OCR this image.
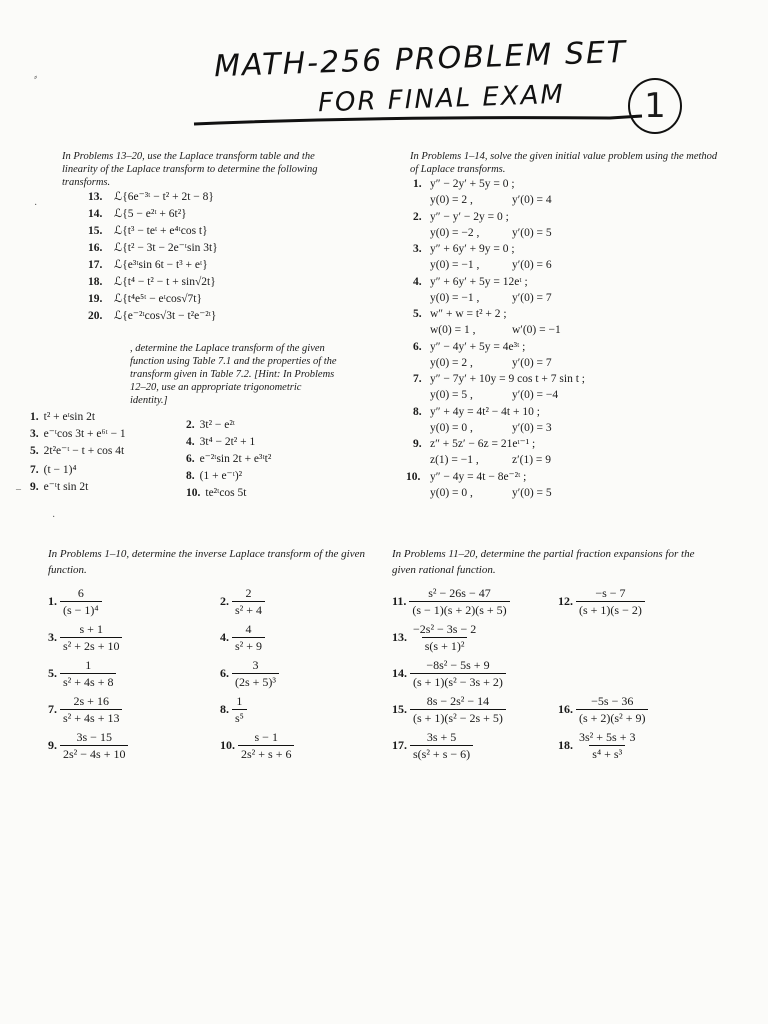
MATH-256 PROBLEM SET
FOR FINAL EXAM	1
In Problems 13–20, use the Laplace transform table and the linearity of the Laplace transform to determine the following transforms.
13. ℒ{6e⁻³ᵗ − t² + 2t − 8}
14. ℒ{5 − e²ᵗ + 6t²}
15. ℒ{t³ − teᵗ + e⁴ᵗcos t}
16. ℒ{t² − 3t − 2e⁻ᵗsin 3t}
17. ℒ{e³ᵗsin 6t − t³ + eᵗ}
18. ℒ{t⁴ − t² − t + sin√2t}
19. ℒ{t⁴e⁵ᵗ − eᵗcos√7t}
20. ℒ{e⁻²ᵗcos√3t − t²e⁻²ᵗ}
, determine the Laplace transform of the given function using Table 7.1 and the properties of the transform given in Table 7.2. [Hint: In Problems 12–20, use an appropriate trigonometric identity.]
1. t² + eᵗsin 2t
3. e⁻ᵗcos 3t + e⁶ᵗ − 1
5. 2t²e⁻ᵗ − t + cos 4t
7. (t − 1)⁴
9. e⁻ᵗt sin 2t
2. 3t² − e²ᵗ
4. 3t⁴ − 2t² + 1
6. e⁻²ᵗsin 2t + e³ᵗt²
8. (1 + e⁻ᵗ)²
10. te²ᵗcos 5t
In Problems 1–14, solve the given initial value problem using the method of Laplace transforms.
1. y″ − 2y′ + 5y = 0 ;
y(0) = 2 ,	y′(0) = 4
2. y″ − y′ − 2y = 0 ;
y(0) = −2 ,	y′(0) = 5
3. y″ + 6y′ + 9y = 0 ;
y(0) = −1 ,	y′(0) = 6
4. y″ + 6y′ + 5y = 12eᵗ ;
y(0) = −1 ,	y′(0) = 7
5. w″ + w = t² + 2 ;
w(0) = 1 ,	w′(0) = −1
6. y″ − 4y′ + 5y = 4e³ᵗ ;
y(0) = 2 ,	y′(0) = 7
7. y″ − 7y′ + 10y = 9 cos t + 7 sin t ;
y(0) = 5 ,	y′(0) = −4
8. y″ + 4y = 4t² − 4t + 10 ;
y(0) = 0 ,	y′(0) = 3
9. z″ + 5z′ − 6z = 21eᵗ⁻¹ ;
z(1) = −1 ,	z′(1) = 9
10. y″ − 4y = 4t − 8e⁻²ᵗ ;
y(0) = 0 ,	y′(0) = 5
In Problems 1–10, determine the inverse Laplace transform of the given function.
1. $\frac{6}{\text{(s − 1)⁴}}$	2. $\frac{2}{\text{s² + 4}}$
3. $\frac{s + 1}{\text{s² + 2s + 10}}$	4. $\frac{4}{\text{s² + 9}}$
5. $\frac{1}{\text{s² + 4s + 8}}$	6. $\frac{3}{\text{(2s + 5)³}}$
7. $\frac{2s + 16}{\text{s² + 4s + 13}}$	8. $\frac{1}{\text{s⁵}}$
9. $\frac{3s - 15}{\text{2s² − 4s + 10}}$	10. $\frac{s - 1}{\text{2s² + s + 6}}$
In Problems 11–20, determine the partial fraction expansions for the given rational function.
11. $\frac{\text{s² − 26s − 47}}{(s - 1)(s + 2)(s + 5)}$	12. $\frac{-s - 7}{(s + 1)(s - 2)}$
13. $\frac{\text{−2s² − 3s − 2}}{\text{s(s + 1)²}}$
14. $\frac{\text{−8s² − 5s + 9}}{\text{(s + 1)(s² − 3s + 2)}}$
15. $\frac{\text{8s − 2s² − 14}}{\text{(s + 1)(s² − 2s + 5)}}$	16. $\frac{-5s - 36}{\text{(s + 2)(s² + 9)}}$
17. $\frac{3s + 5}{\text{s(s² + s − 6)}}$	18. $\frac{\text{3s² + 5s + 3}}{\text{s⁴ + s³}}$
⸗
·
–
·
